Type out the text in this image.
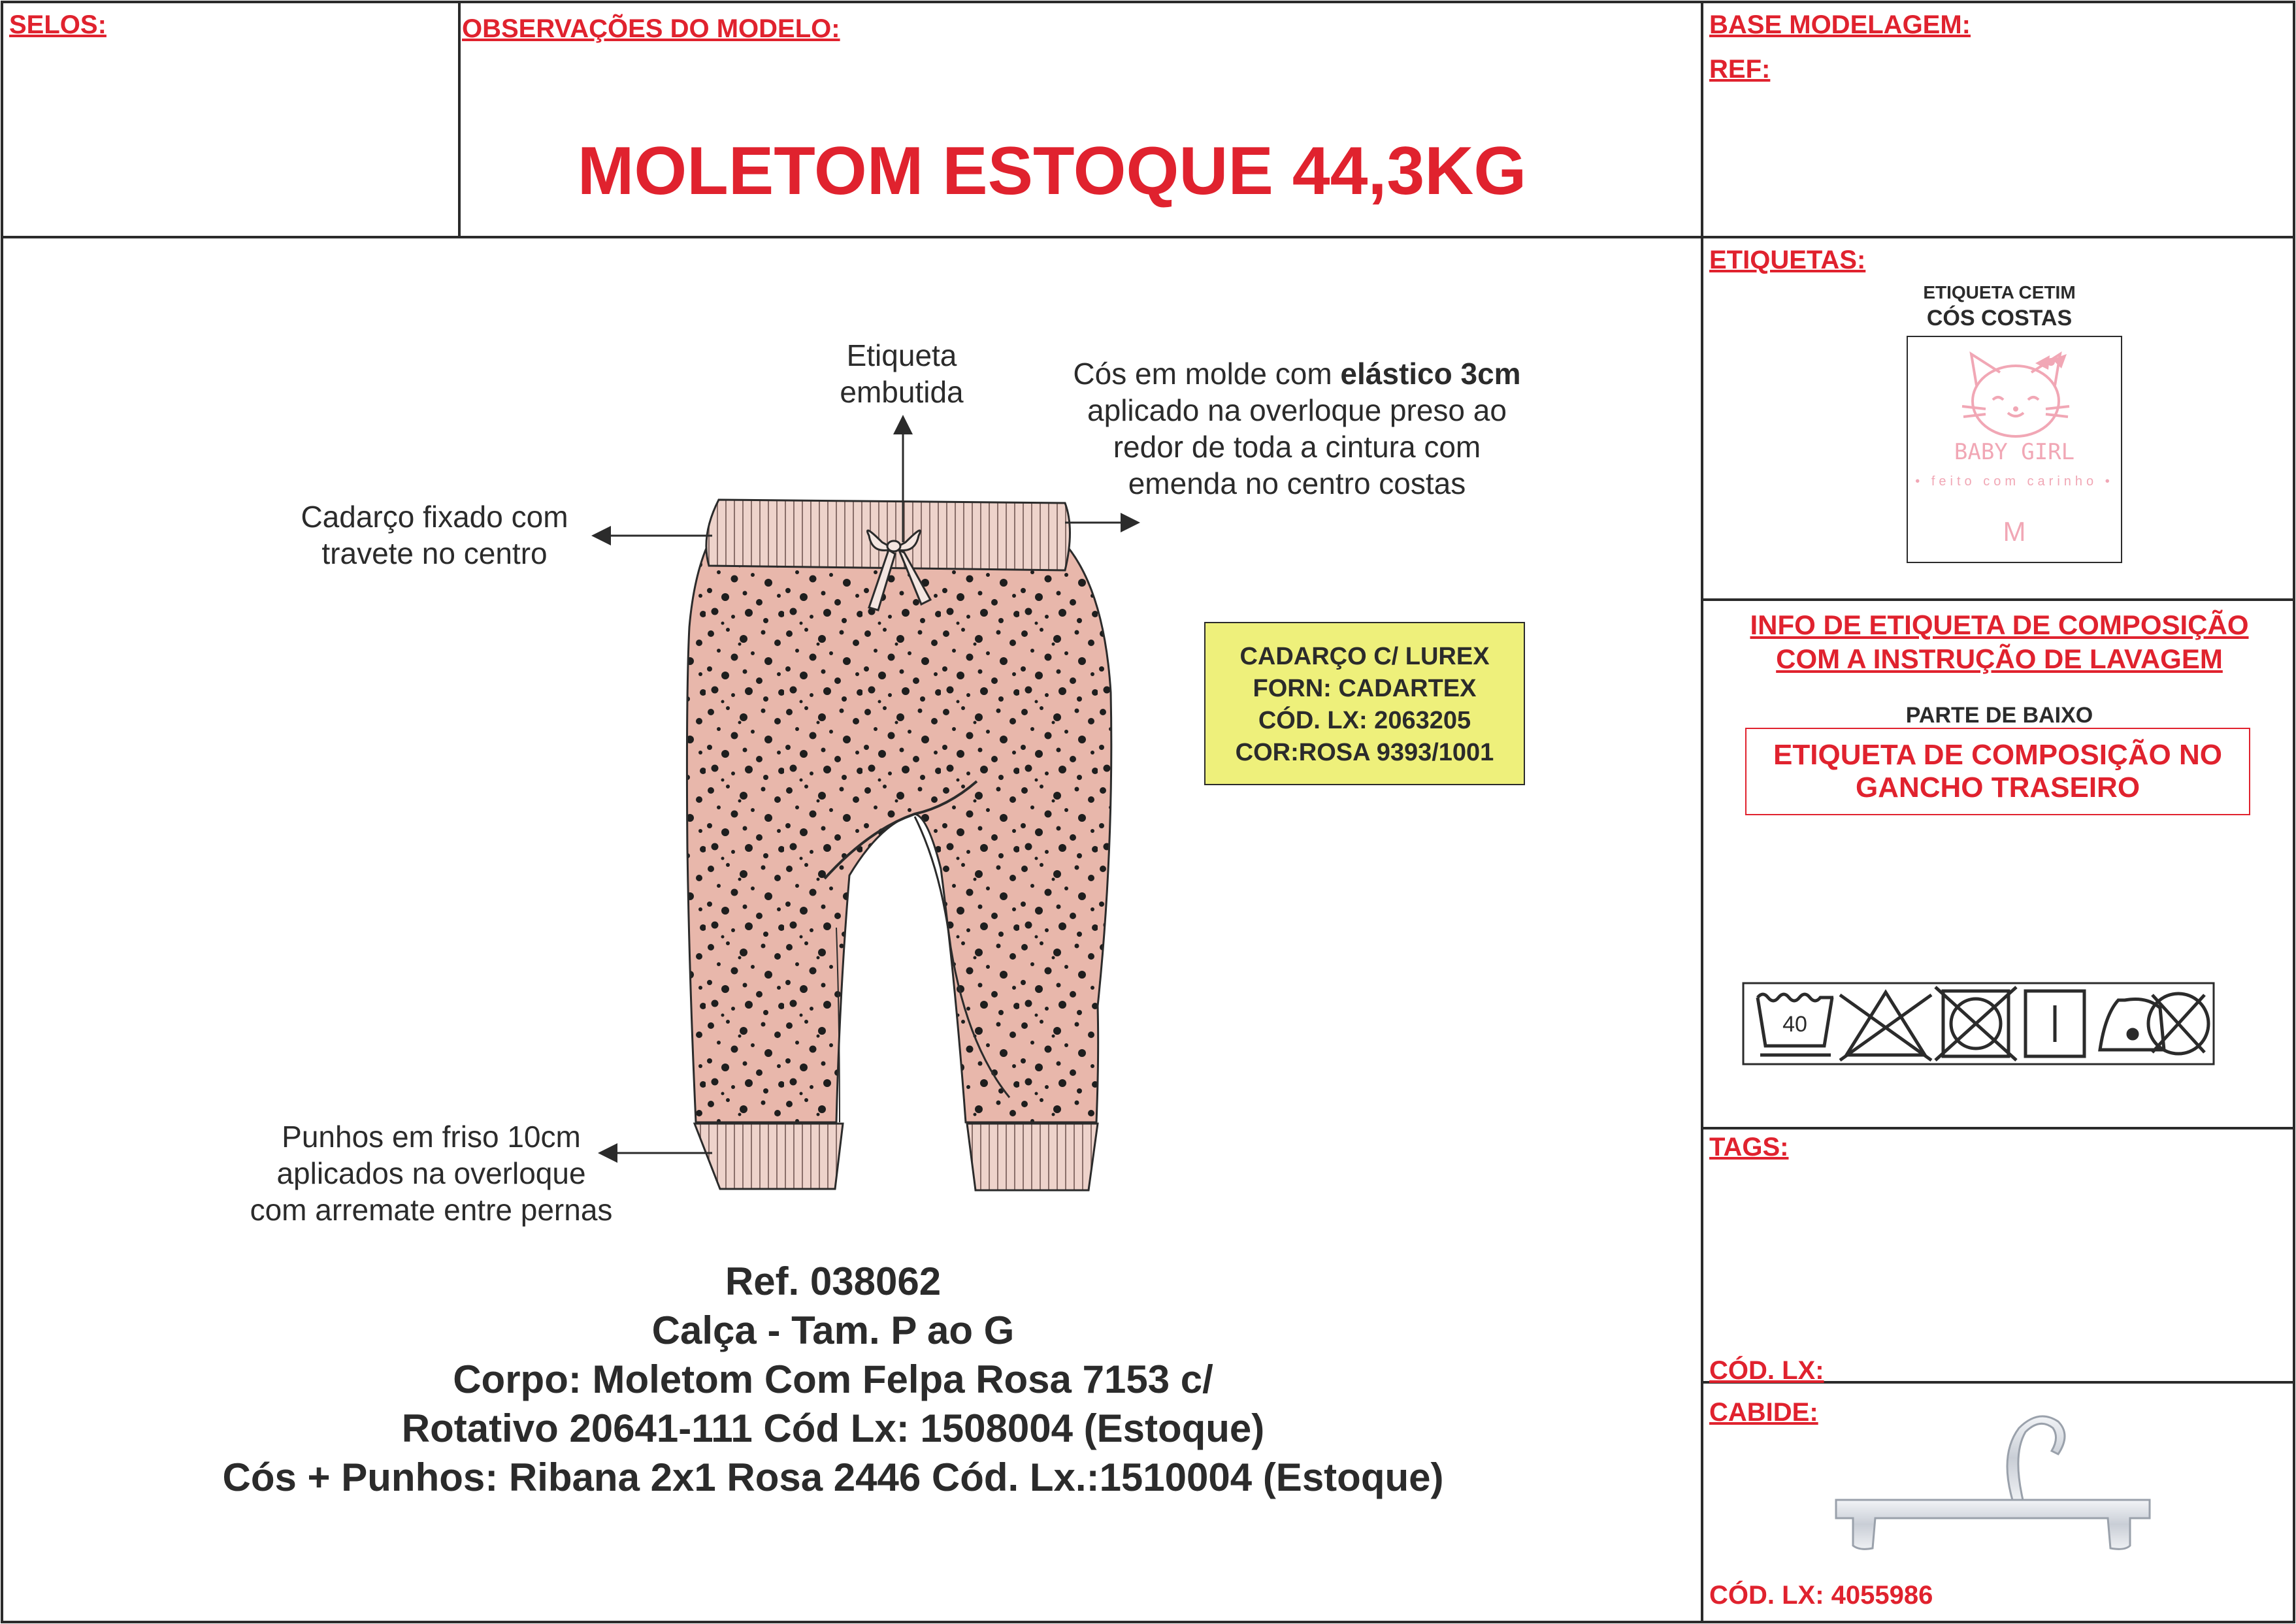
SELOS:	OBSERVAÇÕES DO MODELO:
MOLETOM ESTOQUE 44,3KG
BASE MODELAGEM:
REF:
Etiqueta
embutida
Cós em molde com elástico 3cm
aplicado na overloque preso ao
redor de toda a cintura com
emenda no centro costas
Cadarço fixado com
travete no centro
Punhos em friso 10cm
aplicados na overloque
com arremate entre pernas
CADARÇO C/ LUREX
FORN: CADARTEX
CÓD. LX: 2063205
COR:ROSA 9393/1001
Ref. 038062
Calça - Tam. P ao G
Corpo: Moletom Com Felpa Rosa 7153 c/
Rotativo 20641-111 Cód Lx: 1508004 (Estoque)
Cós + Punhos: Ribana 2x1 Rosa 2446 Cód. Lx.:1510004 (Estoque)
ETIQUETAS:
ETIQUETA CETIM
CÓS COSTAS
BABY GIRL
• feito com carinho •
M
INFO DE ETIQUETA DE COMPOSIÇÃO
COM A INSTRUÇÃO DE LAVAGEM
PARTE DE BAIXO
ETIQUETA DE COMPOSIÇÃO NO
GANCHO TRASEIRO
40
TAGS:
CÓD. LX:
CABIDE:
CÓD. LX: 4055986
